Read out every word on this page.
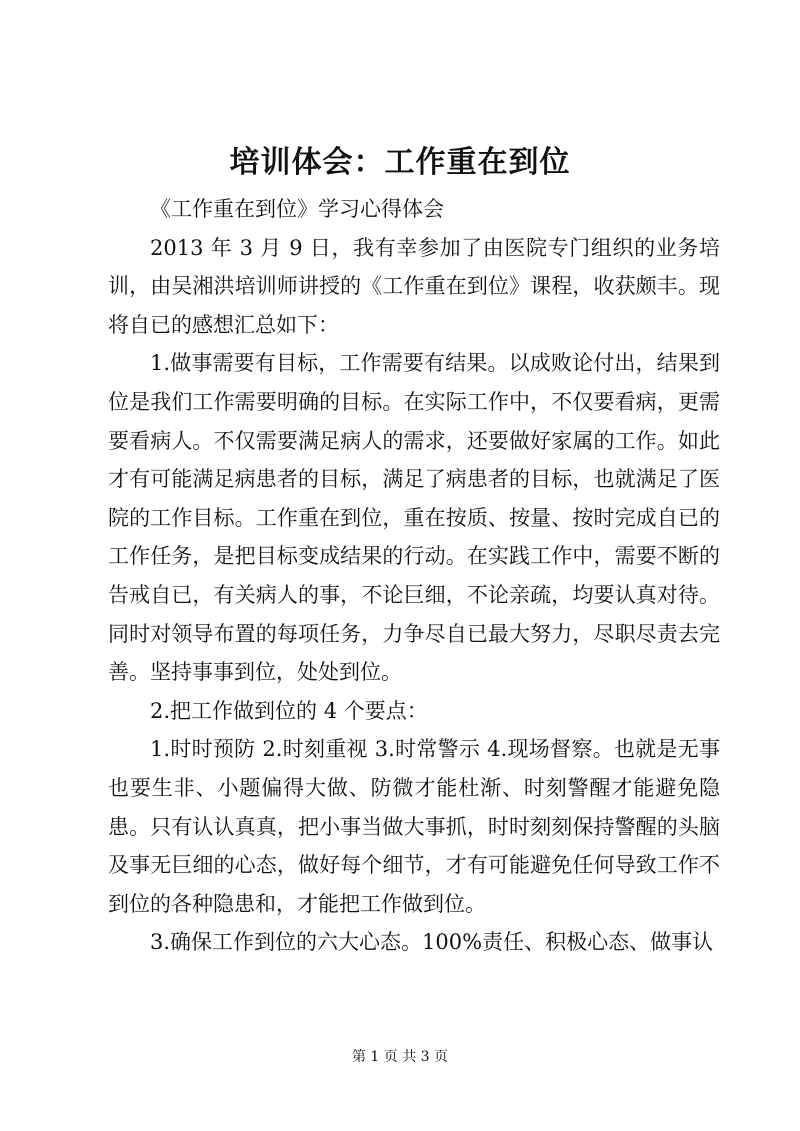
培训体会：工作重在到位

《工作重在到位》学习心得体会

2013 年 3 月 9 日，我有幸参加了由医院专门组织的业务培训，由吴湘洪培训师讲授的《工作重在到位》课程，收获颇丰。现将自已的感想汇总如下：

1.做事需要有目标，工作需要有结果。以成败论付出，结果到位是我们工作需要明确的目标。在实际工作中，不仅要看病，更需要看病人。不仅需要满足病人的需求，还要做好家属的工作。如此才有可能满足病患者的目标，满足了病患者的目标，也就满足了医院的工作目标。工作重在到位，重在按质、按量、按时完成自已的工作任务，是把目标变成结果的行动。在实践工作中，需要不断的告戒自已，有关病人的事，不论巨细，不论亲疏，均要认真对待。同时对领导布置的每项任务，力争尽自已最大努力，尽职尽责去完善。坚持事事到位，处处到位。

2.把工作做到位的 4 个要点：

1.时时预防 2.时刻重视 3.时常警示 4.现场督察。也就是无事也要生非、小题偏得大做、防微才能杜渐、时刻警醒才能避免隐患。只有认认真真，把小事当做大事抓，时时刻刻保持警醒的头脑及事无巨细的心态，做好每个细节，才有可能避免任何导致工作不到位的各种隐患和，才能把工作做到位。

3.确保工作到位的六大心态。100%责任、积极心态、做事认

第 1 页 共 3 页
